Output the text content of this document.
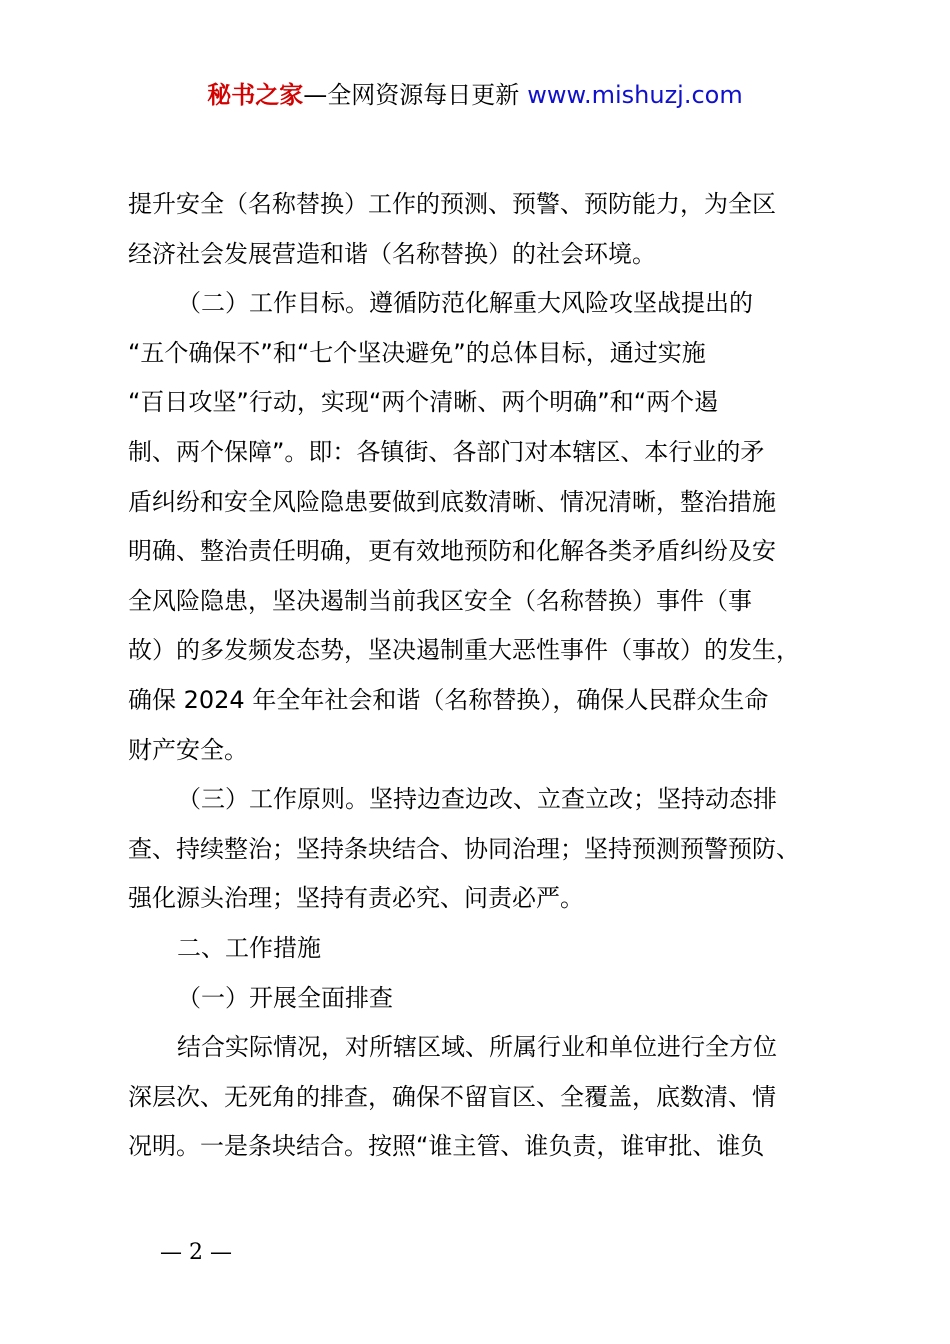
秘书之家—全网资源每日更新 www.mishuzj.com

提升安全（名称替换）工作的预测、预警、预防能力，为全区

经济社会发展营造和谐（名称替换）的社会环境。

（二）工作目标。遵循防范化解重大风险攻坚战提出的

“五个确保不”和“七个坚决避免”的总体目标，通过实施

“百日攻坚”行动，实现“两个清晰、两个明确”和“两个遏

制、两个保障”。即：各镇街、各部门对本辖区、本行业的矛

盾纠纷和安全风险隐患要做到底数清晰、情况清晰，整治措施

明确、整治责任明确，更有效地预防和化解各类矛盾纠纷及安

全风险隐患，坚决遏制当前我区安全（名称替换）事件（事

故）的多发频发态势，坚决遏制重大恶性事件（事故）的发生，

确保 2024 年全年社会和谐（名称替换），确保人民群众生命

财产安全。

（三）工作原则。坚持边查边改、立查立改；坚持动态排

查、持续整治；坚持条块结合、协同治理；坚持预测预警预防、

强化源头治理；坚持有责必究、问责必严。

二、工作措施

（一）开展全面排查

结合实际情况，对所辖区域、所属行业和单位进行全方位

深层次、无死角的排查，确保不留盲区、全覆盖，底数清、情

况明。一是条块结合。按照“谁主管、谁负责，谁审批、谁负

— 2 —
